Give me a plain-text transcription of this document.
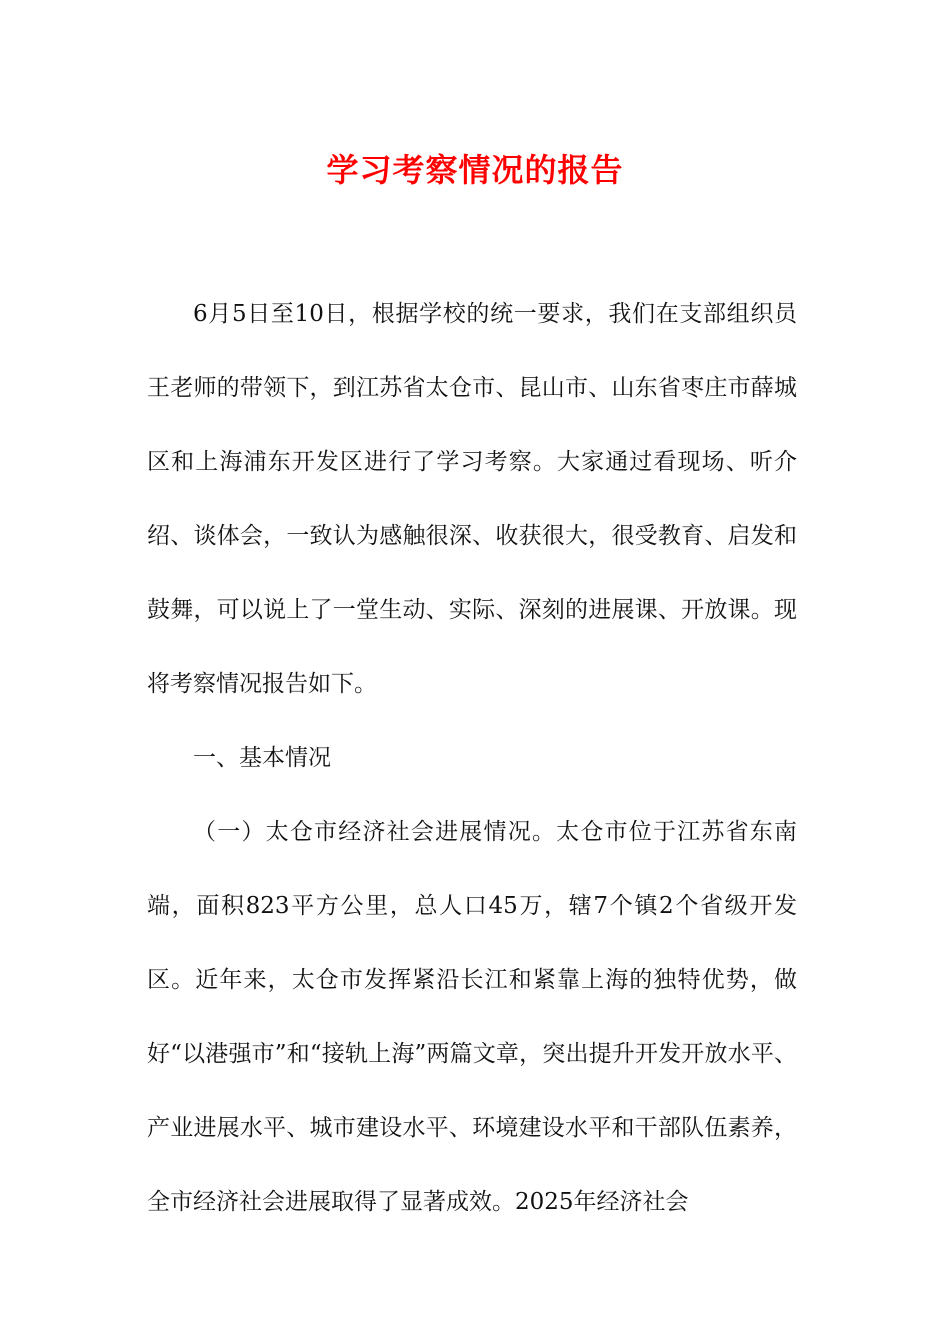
学习考察情况的报告

6月5日至10日，根据学校的统一要求，我们在支部组织员王老师的带领下，到江苏省太仓市、昆山市、山东省枣庄市薛城区和上海浦东开发区进行了学习考察。大家通过看现场、听介绍、谈体会，一致认为感触很深、收获很大，很受教育、启发和鼓舞，可以说上了一堂生动、实际、深刻的进展课、开放课。现将考察情况报告如下。

一、基本情况

（一）太仓市经济社会进展情况。太仓市位于江苏省东南端，面积823平方公里，总人口45万，辖7个镇2个省级开发区。近年来，太仓市发挥紧沿长江和紧靠上海的独特优势，做好“以港强市”和“接轨上海”两篇文章，突出提升开发开放水平、产业进展水平、城市建设水平、环境建设水平和干部队伍素养，全市经济社会进展取得了显著成效。2025年经济社会
